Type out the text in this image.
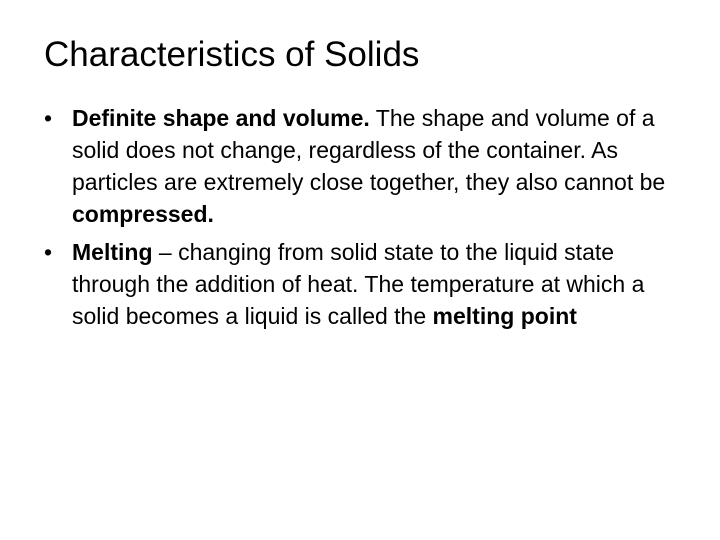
Characteristics of Solids
• Definite shape and volume. The shape and volume of a solid does not change, regardless of the container. As particles are extremely close together, they also cannot be compressed.
• Melting – changing from solid state to the liquid state through the addition of heat. The temperature at which a solid becomes a liquid is called the melting point
